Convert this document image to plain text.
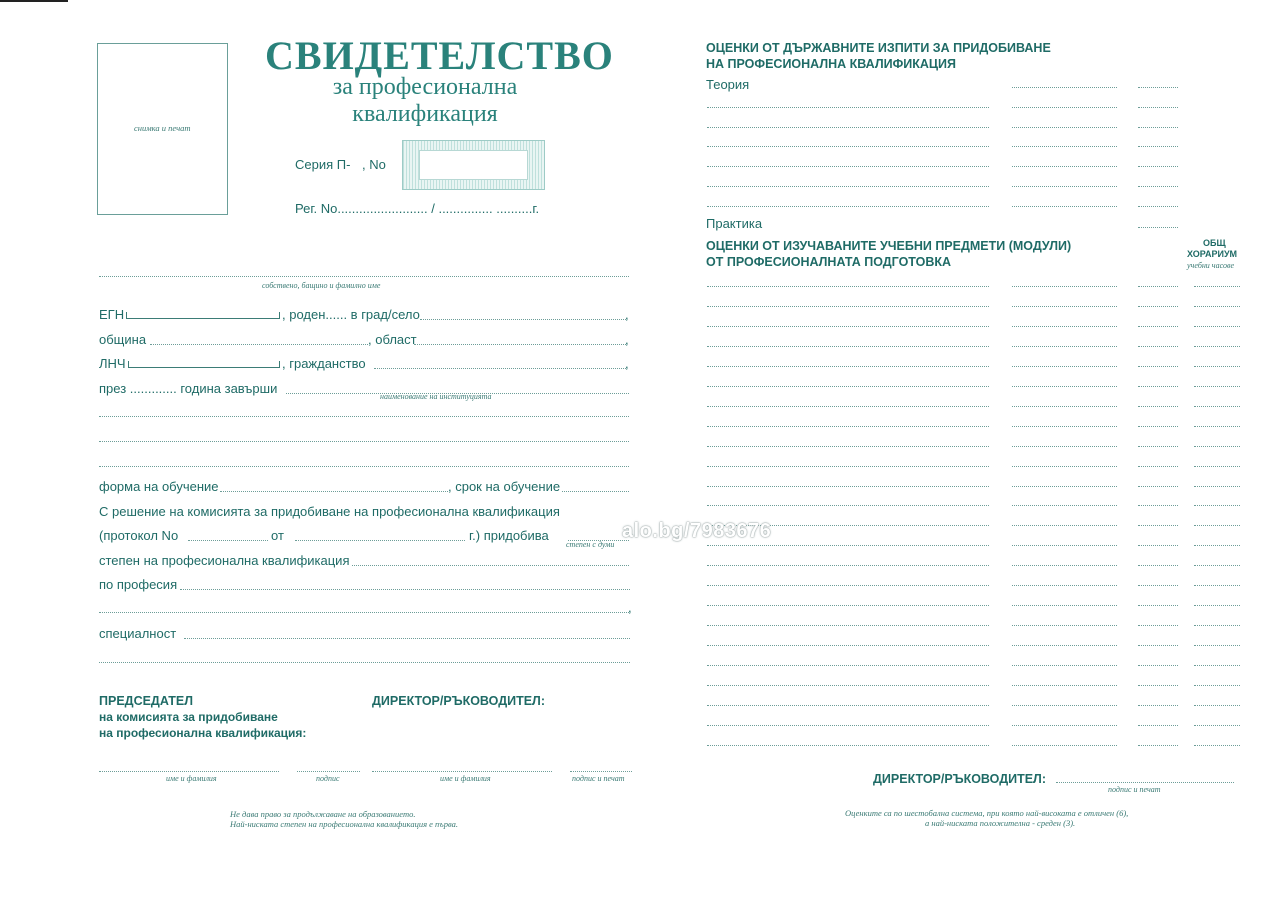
снимка и печат
СВИДЕТЕЛСТВО
за професионална
квалификация
Серия П- , No
Рег. No......................... / ............... ..........г.
собствено, бащино и фамилно име
ЕГН	, роден...... в град/село	,
община	, област	,
ЛНЧ	, гражданство	,
през ............. година завърши
наименование на институцията
форма на обучение	, срок на обучение
С решение на комисията за придобиване на професионална квалификация
(протокол No	от	г.) придобива
степен с думи
степен на професионална квалификация
по професия
,
специалност
ПРЕДСЕДАТЕЛ
на комисията за придобиване
на професионална квалификация:
ДИРЕКТОР/РЪКОВОДИТЕЛ:
име и фамилия	подпис	име и фамилия	подпис и печат
Не дава право за продължаване на образованието.
Най-ниската степен на професионална квалификация е първа.
ОЦЕНКИ ОТ ДЪРЖАВНИТЕ ИЗПИТИ ЗА ПРИДОБИВАНЕ
НА ПРОФЕСИОНАЛНА КВАЛИФИКАЦИЯ
Теория
Практика
ОЦЕНКИ ОТ ИЗУЧАВАНИТЕ УЧЕБНИ ПРЕДМЕТИ (МОДУЛИ)
ОТ ПРОФЕСИОНАЛНАТА ПОДГОТОВКА
ОБЩ
ХОРАРИУМ
учебни часове
ДИРЕКТОР/РЪКОВОДИТЕЛ:
подпис и печат
Оценките са по шестобална система, при която най-високата е отличен (6),
а най-ниската положителна - среден (3).
alo.bg/7983676
